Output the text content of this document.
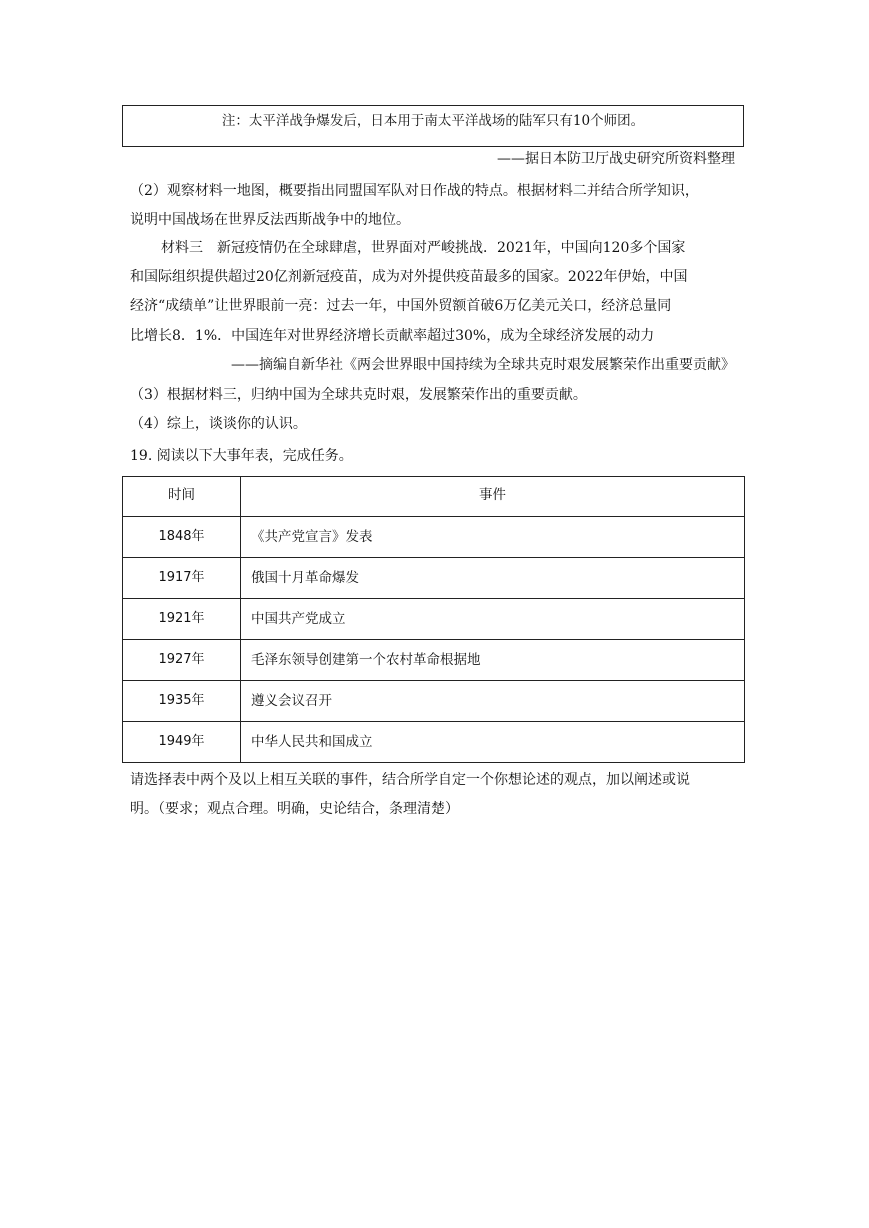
注：太平洋战争爆发后，日本用于南太平洋战场的陆军只有10个师团。
——据日本防卫厅战史研究所资料整理
（2）观察材料一地图，概要指出同盟国军队对日作战的特点。根据材料二并结合所学知识，
说明中国战场在世界反法西斯战争中的地位。
材料三　新冠疫情仍在全球肆虐，世界面对严峻挑战．2021年，中国向120多个国家
和国际组织提供超过20亿剂新冠疫苗，成为对外提供疫苗最多的国家。2022年伊始，中国
经济“成绩单”让世界眼前一亮：过去一年，中国外贸额首破6万亿美元关口，经济总量同
比增长8．1%．中国连年对世界经济增长贡献率超过30%，成为全球经济发展的动力
——摘编自新华社《两会世界眼中国持续为全球共克时艰发展繁荣作出重要贡献》
（3）根据材料三，归纳中国为全球共克时艰，发展繁荣作出的重要贡献。
（4）综上，谈谈你的认识。
19. 阅读以下大事年表，完成任务。
时间	事件
1848年	《共产党宣言》发表
1917年	俄国十月革命爆发
1921年	中国共产党成立
1927年	毛泽东领导创建第一个农村革命根据地
1935年	遵义会议召开
1949年	中华人民共和国成立
请选择表中两个及以上相互关联的事件，结合所学自定一个你想论述的观点，加以阐述或说
明。（要求；观点合理。明确，史论结合，条理清楚）
